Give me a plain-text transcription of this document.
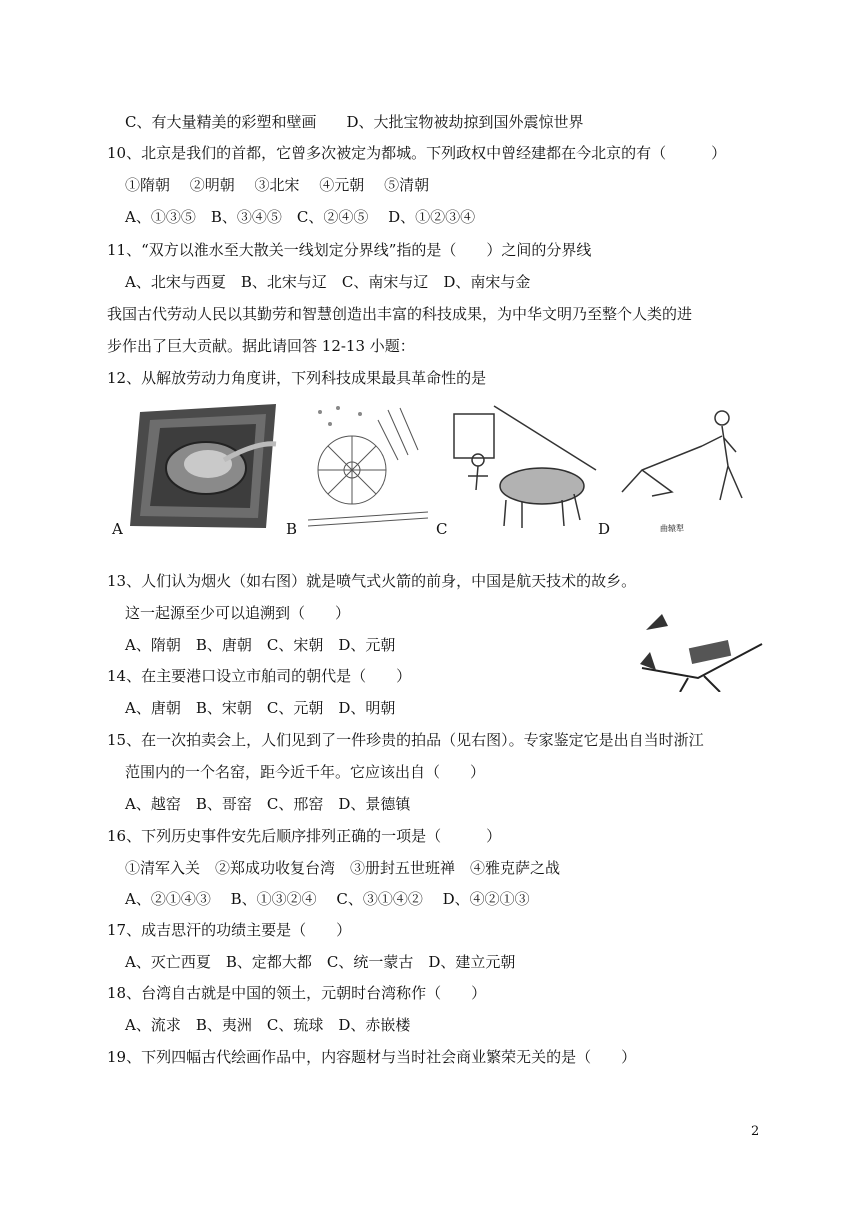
C、有大量精美的彩塑和壁画　　D、大批宝物被劫掠到国外震惊世界
10、北京是我们的首都，它曾多次被定为都城。下列政权中曾经建都在今北京的有（　　　）
①隋朝　 ②明朝　 ③北宋　 ④元朝　 ⑤清朝
A、①③⑤　B、③④⑤　C、②④⑤　 D、①②③④
11、“双方以淮水至大散关一线划定分界线”指的是（　　）之间的分界线
A、北宋与西夏　B、北宋与辽　C、南宋与辽　D、南宋与金
我国古代劳动人民以其勤劳和智慧创造出丰富的科技成果，为中华文明乃至整个人类的进
步作出了巨大贡献。据此请回答 12-13 小题：
12、从解放劳动力角度讲，下列科技成果最具革命性的是
A	B	C	曲辕犁
D
13、人们认为烟火（如右图）就是喷气式火箭的前身，中国是航天技术的故乡。
这一起源至少可以追溯到（　　）
A、隋朝　B、唐朝　C、宋朝　D、元朝
14、在主要港口设立市舶司的朝代是（　　）
A、唐朝　B、宋朝　C、元朝　D、明朝
15、在一次拍卖会上，人们见到了一件珍贵的拍品（见右图）。专家鉴定它是出自当时浙江
范围内的一个名窑，距今近千年。它应该出自（　　）
A、越窑　B、哥窑　C、邢窑　D、景德镇
16、下列历史事件安先后顺序排列正确的一项是（　　　）
①清军入关　②郑成功收复台湾　③册封五世班禅　④雅克萨之战
A、②①④③　 B、①③②④　 C、③①④②　 D、④②①③
17、成吉思汗的功绩主要是（　　）
A、灭亡西夏　B、定都大都　C、统一蒙古　D、建立元朝
18、台湾自古就是中国的领土，元朝时台湾称作（　　）
A、流求　B、夷洲　C、琉球　D、赤嵌楼
19、下列四幅古代绘画作品中，内容题材与当时社会商业繁荣无关的是（　　）
2
